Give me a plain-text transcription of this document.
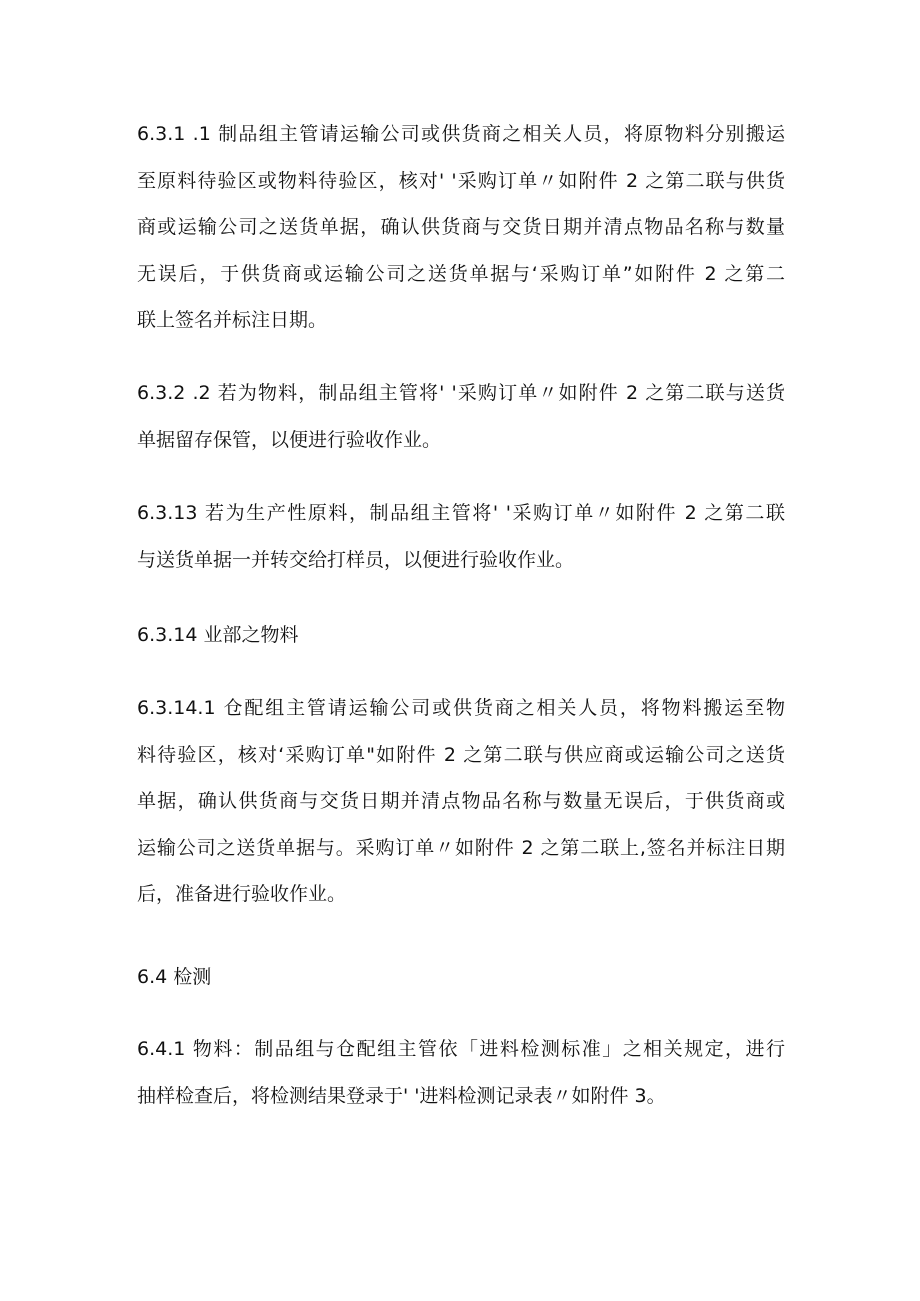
6.3.1 .1 制品组主管请运输公司或供货商之相关人员，将原物料分别搬运
至原料待验区或物料待验区，核对' '采购订单〃如附件 2 之第二联与供货
商或运输公司之送货单据，确认供货商与交货日期并清点物品名称与数量
无误后，于供货商或运输公司之送货单据与‘采购订单”如附件 2 之第二
联上签名并标注日期。
6.3.2 .2 若为物料，制品组主管将' '采购订单〃如附件 2 之第二联与送货
单据留存保管，以便进行验收作业。
6.3.13 若为生产性原料，制品组主管将' '采购订单〃如附件 2 之第二联
与送货单据一并转交给打样员，以便进行验收作业。
6.3.14 业部之物料
6.3.14.1 仓配组主管请运输公司或供货商之相关人员，将物料搬运至物
料待验区，核对‘采购订单"如附件 2 之第二联与供应商或运输公司之送货
单据，确认供货商与交货日期并清点物品名称与数量无误后，于供货商或
运输公司之送货单据与。采购订单〃如附件 2 之第二联上,签名并标注日期
后，准备进行验收作业。
6.4 检测
6.4.1 物料：制品组与仓配组主管依「进料检测标准」之相关规定，进行
抽样检查后，将检测结果登录于' '进料检测记录表〃如附件 3。
